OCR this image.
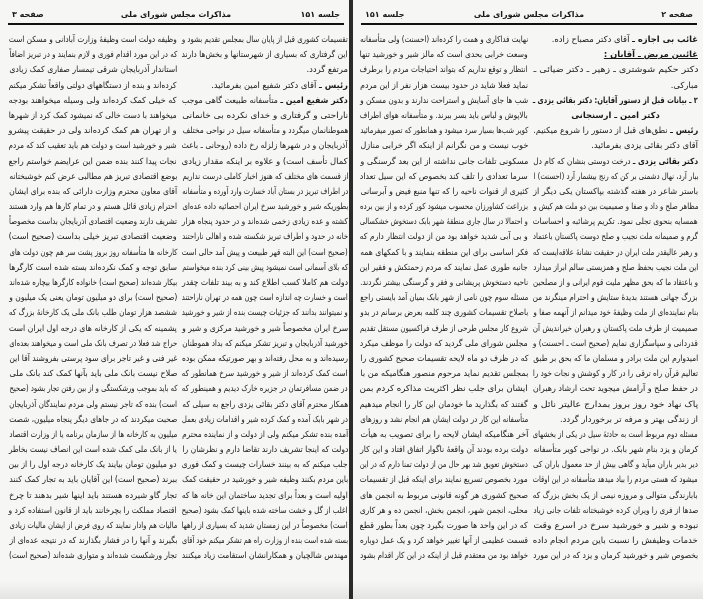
صفحه ۳	مذاکرات مجلس شورای ملی	جلسه ۱۵۱
تقسیمات کشوری قبل از پایان سال بمجلس تقدیم بشود و
این گرفتاری که بسیاری از شهرستانها و بخش‌ها دارند
مرتفع گردد.
رئیس ـ آقای دکتر شفیع امین بفرمائید.
دکتر شفیع امین ـ متأسفانه طبیعت گاهی موجب
ناراحتی و گرفتاری و خدای نکرده بی خانمانی
هموطنانمان میگردد و متأسفانه سیل در نواحی مختلف
آذربایجان و در شهرها زلزله رخ داده (روحانی ـ باعث
کمال تأسف است) و علاوه بر اینکه مقدار زیادی
از قسمت های مختلف که هنوز اخبار کاملی درست نداریم
در اطراف تبریز در بستان آباد خسارت وارد آورده و متأسفانه
بطوریکه شیر و خورشید سرخ ایران احصائیه داده عده‌ای
کشته و عده زیادی زخمی شده‌اند و در حدود پنجاه هزار
خانه در حدود و اطراف تبریز شکسته شده و اهالی ناراحتند
(صحیح است) این البته قهر طبیعت و پیش آمد حالی است
که بلای آسمانی است نمیشود پیش بینی کرد بنده میخواستم
دولت هم کاملا کسب اطلاع کند و به بیند تلفات چقدر
است و خسارت چه اندازه است چون همه در تهران ناراحتند
و نمیتوانند بدانند که جزئیات چیست بنده از شیر و خورشید
سرخ ایران مخصوصاً شیر و خورشید مرکزی و شیر و
خورشید آذربایجان و تبریز تشکر میکنم که بداد هموطنان
رسیده‌اند و به محل رفته‌اند و بهر صورتیکه ممکن بوده
است کمک کرده‌اند از شیر و خورشید سرخ همانطور که
در ضمن مسافرتمان در جزیره خارک دیدیم و همینطور که
همکار محترم آقای دکتر بقائی یزدی راجع به سیلی که
در شهر بابک آمده و کمک کرده شیر و اقدامات زیادی بعمل
آمده بنده تشکر میکنم ولی از دولت و از نماینده محترم
دولت که اینجا تشریف دارند تقاضا دارم و نظرشان را
جلب میکنم که به بینند خسارات چیست و کمک فوری
باین مردم بکنند وظیفه شیر و خورشید در حقیقت کمک
اولیه است و بعداً برای تجدید ساختمان این خانه ها که
اغلب از گل و خشت ساخته شده باینها کمک بشود (صحیح
است) مخصوصاً در این زمستان شدید که بسیاری از راهها
بسته شده است بنده از وزارت راه هم تشکر میکنم خود آقای
مهندس شالچیان و همکارانشان استقامت زیاد میکنند
وظیفه دولت است وظیفهٔ وزارت آبادانی و مسکن است
که در این مورد اقدام فوری و لازم بنمایند و در تبریز اضافاً
استاندار آذربایجان شرقی تیمسار صفاری کمک زیادی
کرده‌اند و بنده از دستگاههای دولتی واقعاً تشکر میکنم
که خیلی کمک کرده‌اند ولی وسیله میخواهند بودجه
میخواهند با دست خالی که نمیشود کمک کرد از شهرها
و از تهران هم کمک کرده‌اند ولی در حقیقت پیشرو
شیر و خورشید است و دولت هم باید تعقیب کند که مردم
نجات پیدا کنند بنده ضمن این عرایضم خواستم راجع
بوضع اقتصادی تبریز هم مطالبی عرض کنم خوشبختانه
آقای معاون محترم وزارت دارائی که بنده برای ایشان
احترام زیادی قائل هستم و در تمام کارها هم وارد هستند
تشریف دارند وضعیت اقتصادی آذربایجان بداست مخصوصاً
وضعیت اقتصادی تبریز خیلی بداست (صحیح است)
کارخانه ها متأسفانه روز بروز پشت سر هم چون دولت های
سابق توجه و کمک نکرده‌اند بسته شده است کارگرها
بیکار شده‌اند (صحیح است) خانواده کارگرها بیچاره شده‌اند
(صحیح است) برای دو میلیون تومان یعنی یک میلیون و
ششصد هزار تومان طلب بانک ملی یک کارخانهٔ بزرگ که
پشمینه که یکی از کارخانه های درجه اول ایران است
حراج شد فعلا در تصرف بانک ملی است و میخواهند بعده‌ای
غیر فنی و غیر تاجر برای سود پرستی بفروشند آقا این
صلاح نیست بانک ملی باید بآنها کمک کند بانک ملی
که باید بموجب ورشکستگی و از بین رفتن تجار بشود (صحیح
است) بنده که تاجر نیستم ولی مردم نمایندگان آذربایجان
صحبت میکردند که در جاهای دیگر پنجاه میلیون، شصت
میلیون به کارخانه ها از سازمان برنامه یا از وزارت اقتصاد
یا از بانک ملی کمک شده است این انصاف نیست بخاطر
دو میلیون تومان بیایند یک کارخانه درجه اول را از بین
ببرند (صحیح است) این آقایان باید به تجار کمک کنند
تجار گاو شیرده هستند باید اینها شیر بدهند تا چرخ
اقتصاد مملکت را بچرخانند باید از قانون استفاده کرد و
مالیات هم وادار نمایند که روی فرض از ایشان مالیات زیادی
بگیرند و آنها را در فشار بگذارند که در نتیجه عده‌ای از
تجار ورشکست شده‌اند و متواری شده‌اند (صحیح است)
جلسه ۱۵۱	مذاکرات مجلس شورای ملی	صفحه ۲
غائب بی اجازه ـ آقای دکتر مصباح زاده.
غائبین مریض ـ آقایان :
دکتر حکیم شوشتری ـ زهیر ـ دکتر ضیائی ـ
مبارکی.
۲ ـ بیانات قبل از دستور آقایان: دکتر بقائی یزدی ـ
دکتر امین ـ ارسنجانی
رئیس ـ نطق‌های قبل از دستور را شروع میکنیم.
آقای دکتر بقائی یزدی بفرمائید.
دکتر بقائی یزدی ـ درخت دوستی بنشان که کام دل
ببار آرد، نهال دشمنی بر کن که رنج بیشمار آرد (احسنت) ا
باستر شاعر در هفته گذشته بپاکستان یکی دیگر از
مظاهر صلح و داد و صفا و صمیمیت بین دو ملت هم کیش و
همسایه بنحوی تجلی نمود. تکریم پرشائبه و احساسات
گرم و صمیمانه ملت نجیب و صلح دوست پاکستان باعتماد
و رهبر عالیقدر ملت ایران در حقیقت نشانهٔ علاقه‌ایست که
این ملت نجیب بحفظ صلح و همزیستی سالم ابراز میدارد
و باعتقاد ما که بحق مظهر ملیت قوم ایرانی و از مصلحین
بزرگ جهانی هستند بدیدهٔ ستایش و احترام مینگرند من
بنام نماینده‌ای از ملت وظیفهٔ خود میدانم از آنهمه صفا و
صمیمیت از طرف ملت پاکستان و رهبران خیراندیش آن
قدردانی و سپاسگزاری نمایم (صحیح است ـ احسنت) و
امیدوارم این ملت برادر و مسلمان ما که بحق بر طبق
تعالیم قرآن راه ترقی را در کار و کوشش و نجات خود را
در حفظ صلح و آرامش میجوید تحت ارشاد رهبران
پاک نهاد خود روز بروز بمدارج عالیتر نائل و
از زندگی بهتر و مرفه تر برخوردار گردد.
مسئله دوم مربوط است به حادثهٔ سیل در یکی از بخشهای
کرمان و یزد بنام شهر بابک. در نواحی کویر متأسفانه
دیر بدیر باران میآید و گاهی بیش از حد معمول باران کی
میشود که هستی مردم را بباد میدهد متأسفانه در این اوقات
بابارندگی متوالی و مروزه نیمی از یک بخش بزرگ که
صدها از فری را ویران کرده خوشبختانه تلفات جانی زیاد
نبوده و شیر و خورشید سرخ در اسرع وقت
خدمات وظیفش را نسبت باین مردم انجام داده
بخصوص شیر و خورشید کرمان و یزد که در این مورد
نهایت فداکاری و همت را کرده‌اند (احسنت) ولی متأسفانه
وسعت خرابی بحدی است که مالز شیر و خورشید تنها
انتظار و توقع نداریم که بتواند احتیاجات مردم را برطرف
نماید فعلا شاید در حدود بیست هزار نفر از این مردم
شب ها جای آسایش و استراحت ندارند و بدون مسکن و
بالاپوش و لباس باید بسر ببرند. و متأسفانه هوای اطراف
کویر شب‌ها بسیار سرد میشود و همانطور که تصور میفرمائید
خوب نیست و من نگرانم از اینکه اگر خرابی منازل
مسکونی تلفات جانی نداشته از این بعد گرسنگی و
سرما تعدادی را تلف کند بخصوص که این سیل تعداد
کثیری از قنوات ناحیه را که تنها منبع فیض و آبرسانی
بزراعت کشاورزان محسوب میشود کور کرده و از بین برده
و احتمالا در سال جاری منطقهٔ شهر بابک دستخوش خشکسالی
و بی آبی شدید خواهد بود من از دولت انتظار دارم که
فکر اساسی برای این منطقه بنمایند و با کمکهای همه
جانبه طوری عمل نمایند که مردم زحمتکش و فقیر این
ناحیه دستخوش پریشانی و فقر و گرسنگی بیشتر نگردند.
مسئله سوم چون نامی از شهر بابک بمیان آمد بایستی راجع
باصلاح تقسیمات کشوری چند کلمه بعرض برسانم در بدو
شروع کار مجلس طرحی از طرف فراکسیون مستقل تقدیم
مجلس شورای ملی گردید که دولت را موظف میکرد
که در ظرف دو ماه لایحه تقسیمات صحیح کشوری را
بمجلس تقدیم نماید مرحوم منصور هنگامیکه من با
ایشان برای جلب نظر اکثریت مذاکره کردم بمن
گفتند که بگذارید ما خودمان این کار را انجام میدهیم
متأسفانه این کار در دولت ایشان هم انجام نشد و روزهای
آخر هنگامیکه ایشان لایحه را برای تصویب به هیأت
دولت برده بودند آن واقعهٔ ناگوار اتفاق افتاد و این کار
دستخوش تعویق شد بهر حال من از دولت تمنا دارم که در این
مورد بخصوص تسریع نمایند برای اینکه قبل از تقسیمات
صحیح کشوری هر گونه قانونی مربوط به انجمن های
محلی، انجمن شهر، انجمن بخش، انجمن ده و هر کاری
که در این واحد ها صورت بگیرد چون بعداً بطور قطع
قسمت عظیمی از آنها تغییر خواهد کرد و یک عمل دوباره
خواهد بود من معتقدم قبل از اینکه در این کار اقدام بشود
